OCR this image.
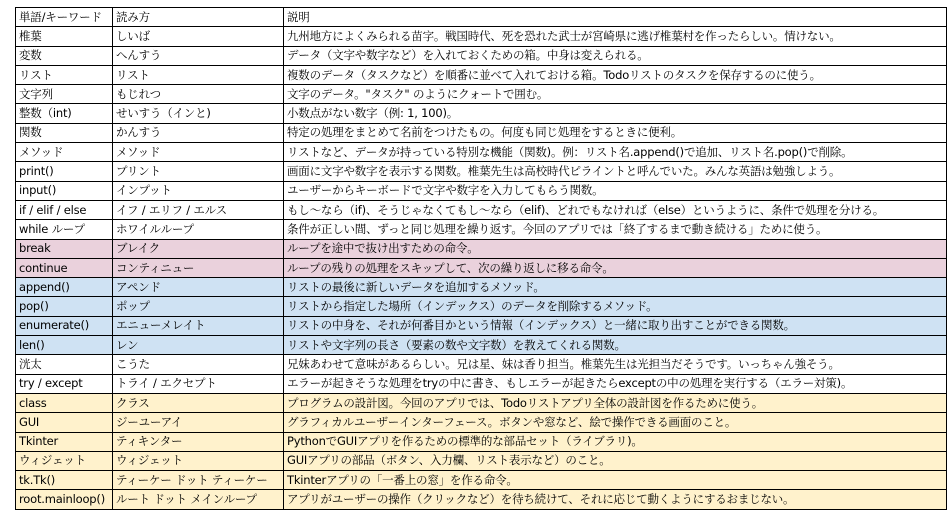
単語/キーワード	読み方	説明
椎葉	しいば	九州地方によくみられる苗字。戦国時代、死を恐れた武士が宮崎県に逃げ椎葉村を作ったらしい。情けない。
変数	へんすう	データ（文字や数字など）を入れておくための箱。中身は変えられる。
リスト	リスト	複数のデータ（タスクなど）を順番に並べて入れておける箱。Todoリストのタスクを保存するのに使う。
文字列	もじれつ	文字のデータ。"タスク" のようにクォートで囲む。
整数（int)	せいすう（インと)	小数点がない数字（例: 1, 100)。
関数	かんすう	特定の処理をまとめて名前をつけたもの。何度も同じ処理をするときに便利。
メソッド	メソッド	リストなど、データが持っている特別な機能（関数)。例：リスト名.append()で追加、リスト名.pop()で削除。
print()	プリント	画面に文字や数字を表示する関数。椎葉先生は高校時代ピライントと呼んでいた。みんな英語は勉強しよう。
input()	インプット	ユーザーからキーボードで文字や数字を入力してもらう関数。
if / elif / else	イフ / エリフ / エルス	もし〜なら（if)、そうじゃなくてもし〜なら（elif)、どれでもなければ（else）というように、条件で処理を分ける。
while ループ	ホワイルループ	条件が正しい間、ずっと同じ処理を繰り返す。今回のアプリでは「終了するまで動き続ける」ために使う。
break	ブレイク	ループを途中で抜け出すための命令。
continue	コンティニュー	ループの残りの処理をスキップして、次の繰り返しに移る命令。
append()	アペンド	リストの最後に新しいデータを追加するメソッド。
pop()	ポップ	リストから指定した場所（インデックス）のデータを削除するメソッド。
enumerate()	エニューメレイト	リストの中身を、それが何番目かという情報（インデックス）と一緒に取り出すことができる関数。
len()	レン	リストや文字列の長さ（要素の数や文字数）を教えてくれる関数。
洸太	こうた	兄妹あわせて意味があるらしい。兄は星、妹は香り担当。椎葉先生は光担当だそうです。いっちゃん強そう。
try / except	トライ / エクセプト	エラーが起きそうな処理をtryの中に書き、もしエラーが起きたらexceptの中の処理を実行する（エラー対策)。
class	クラス	プログラムの設計図。今回のアプリでは、Todoリストアプリ全体の設計図を作るために使う。
GUI	ジーユーアイ	グラフィカルユーザーインターフェース。ボタンや窓など、絵で操作できる画面のこと。
Tkinter	ティキンター	PythonでGUIアプリを作るための標準的な部品セット（ライブラリ)。
ウィジェット	ウィジェット	GUIアプリの部品（ボタン、入力欄、リスト表示など）のこと。
tk.Tk()	ティーケー ドット ティーケー	Tkinterアプリの「一番上の窓」を作る命令。
root.mainloop()	ルート ドット メインループ	アプリがユーザーの操作（クリックなど）を待ち続けて、それに応じて動くようにするおまじない。
